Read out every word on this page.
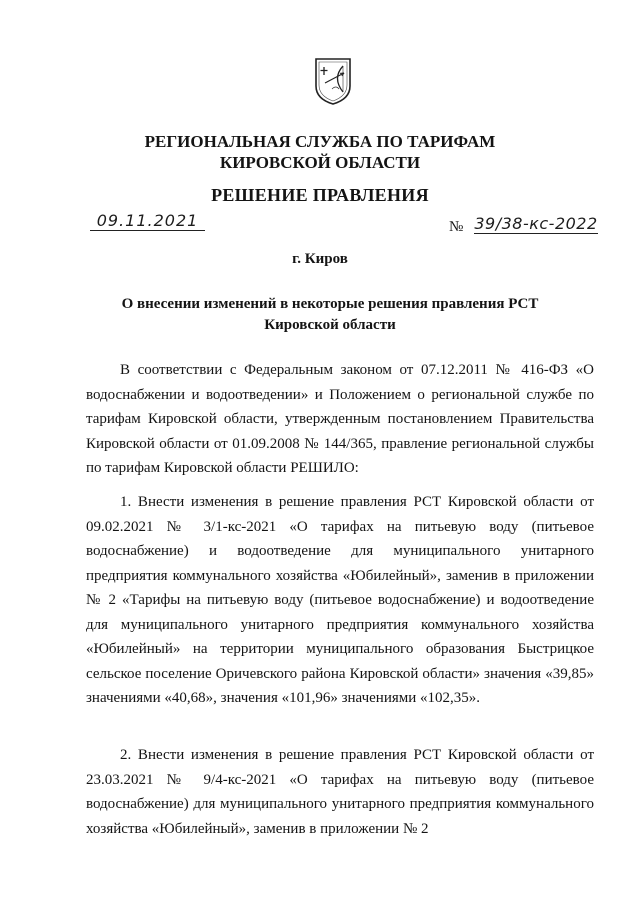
РЕГИОНАЛЬНАЯ СЛУЖБА ПО ТАРИФАМ
КИРОВСКОЙ ОБЛАСТИ
РЕШЕНИЕ ПРАВЛЕНИЯ
09.11.2021	№ 39/38-кс-2022
г. Киров
О внесении изменений в некоторые решения правления РСТ Кировской области

В соответствии с Федеральным законом от 07.12.2011 № 416-ФЗ «О водоснабжении и водоотведении» и Положением о региональной службе по тарифам Кировской области, утвержденным постановлением Правительства Кировской области от 01.09.2008 № 144/365, правление региональной службы по тарифам Кировской области РЕШИЛО:

1. Внести изменения в решение правления РСТ Кировской области от 09.02.2021 № 3/1-кс-2021 «О тарифах на питьевую воду (питьевое водоснабжение) и водоотведение для муниципального унитарного предприятия коммунального хозяйства «Юбилейный», заменив в приложении № 2 «Тарифы на питьевую воду (питьевое водоснабжение) и водоотведение для муниципального унитарного предприятия коммунального хозяйства «Юбилейный» на территории муниципального образования Быстрицкое сельское поселение Оричевского района Кировской области» значения «39,85» значениями «40,68», значения «101,96» значениями «102,35».

2. Внести изменения в решение правления РСТ Кировской области от 23.03.2021 № 9/4-кс-2021 «О тарифах на питьевую воду (питьевое водоснабжение) для муниципального унитарного предприятия коммунального хозяйства «Юбилейный», заменив в приложении № 2
